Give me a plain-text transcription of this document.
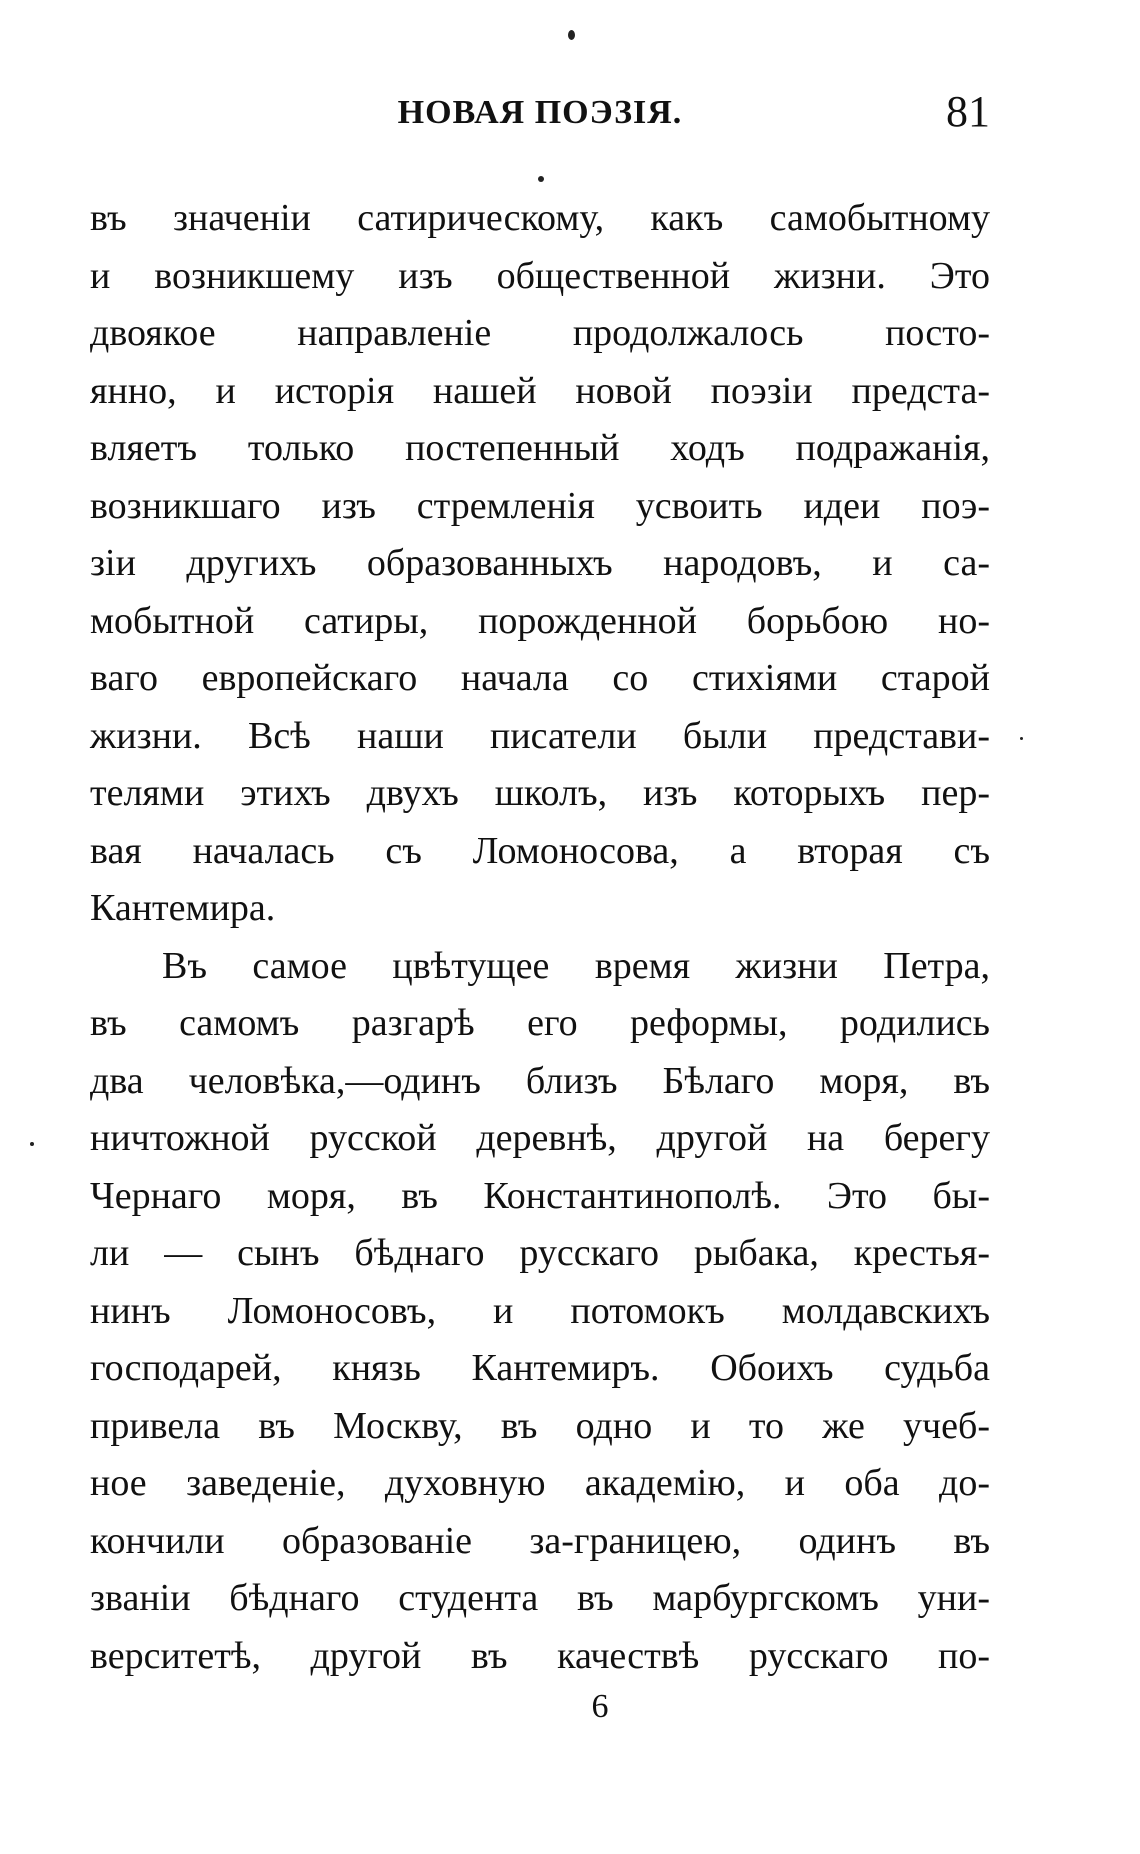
НОВАЯ ПОЭЗІЯ.	81
въ значеніи сатирическому, какъ самобытному
и возникшему изъ общественной жизни. Это
двоякое направленіе продолжалось посто-
янно, и исторія нашей новой поэзіи предста-
вляетъ только постепенный ходъ подражанія,
возникшаго изъ стремленія усвоить идеи поэ-
зіи другихъ образованныхъ народовъ, и са-
мобытной сатиры, порожденной борьбою но-
ваго европейскаго начала со стихіями старой
жизни. Всѣ наши писатели были представи-
телями этихъ двухъ школъ, изъ которыхъ пер-
вая началась съ Ломоносова, а вторая съ
Кантемира.
Въ самое цвѣтущее время жизни Петра,
въ самомъ разгарѣ его реформы, родились
два человѣка,—одинъ близъ Бѣлаго моря, въ
ничтожной русской деревнѣ, другой на берегу
Чернаго моря, въ Константинополѣ. Это бы-
ли — сынъ бѣднаго русскаго рыбака, крестья-
нинъ Ломоносовъ, и потомокъ молдавскихъ
господарей, князь Кантемиръ. Обоихъ судьба
привела въ Москву, въ одно и то же учеб-
ное заведеніе, духовную академію, и оба до-
кончили образованіе за-границею, одинъ въ
званіи бѣднаго студента въ марбургскомъ уни-
верситетѣ, другой въ качествѣ русскаго по-
6
